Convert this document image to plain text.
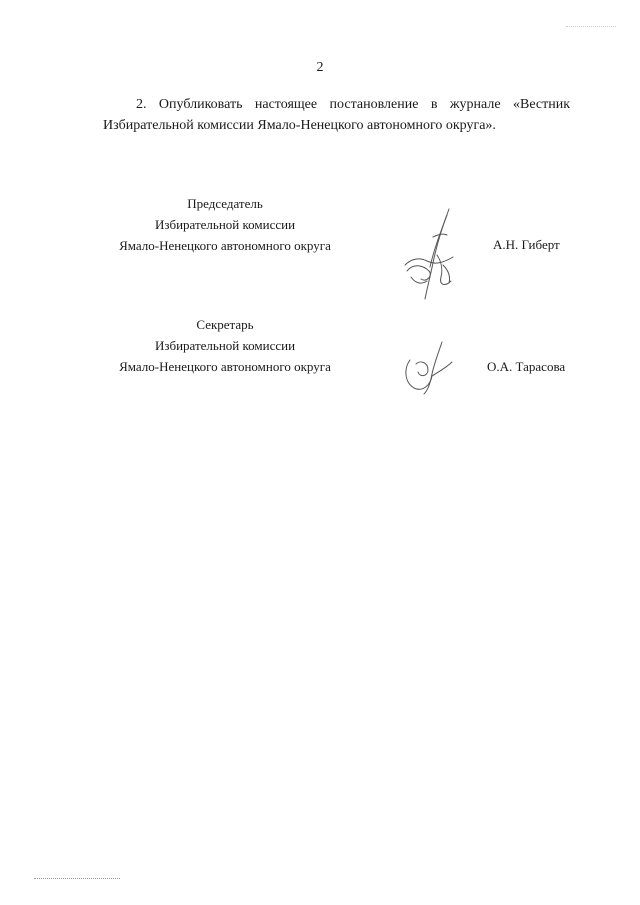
2

2. Опубликовать настоящее постановление в журнале «Вестник Избирательной комиссии Ямало-Ненецкого автономного округа».

Председатель
Избирательной комиссии
Ямало-Ненецкого автономного округа	А.Н. Гиберт
Секретарь
Избирательной комиссии
Ямало-Ненецкого автономного округа	О.А. Тарасова
